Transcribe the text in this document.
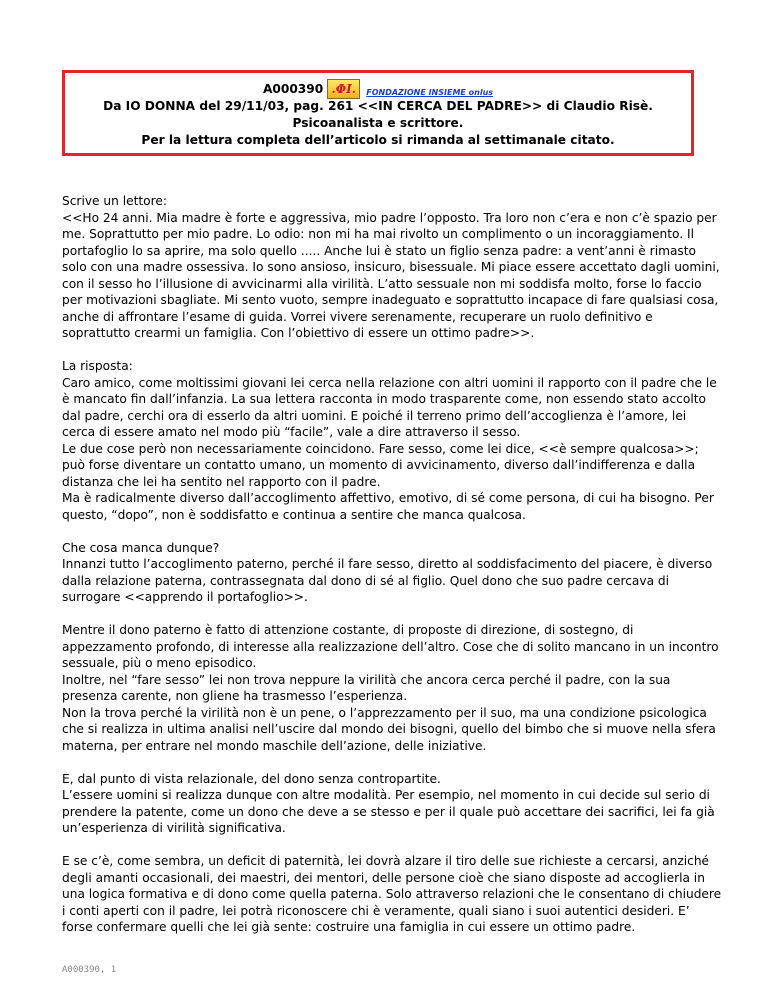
A000390 .ΦI.	FONDAZIONE INSIEME onlus
Da IO DONNA del 29/11/03, pag. 261 <<IN CERCA DEL PADRE>> di Claudio Risè.
Psicoanalista e scrittore.
Per la lettura completa dell’articolo si rimanda al settimanale citato.

Scrive un lettore:
<<Ho 24 anni. Mia madre è forte e aggressiva, mio padre l’opposto. Tra loro non c’era e non c’è spazio per me. Soprattutto per mio padre. Lo odio: non mi ha mai rivolto un complimento o un incoraggiamento. Il portafoglio lo sa aprire, ma solo quello ..... Anche lui è stato un figlio senza padre: a vent’anni è rimasto solo con una madre ossessiva. Io sono ansioso, insicuro, bisessuale. Mi piace essere accettato dagli uomini, con il sesso ho l’illusione di avvicinarmi alla virilità. L’atto sessuale non mi soddisfa molto, forse lo faccio per motivazioni sbagliate. Mi sento vuoto, sempre inadeguato e soprattutto incapace di fare qualsiasi cosa, anche di affrontare l’esame di guida. Vorrei vivere serenamente, recuperare un ruolo definitivo e soprattutto crearmi un famiglia. Con l’obiettivo di essere un ottimo padre>>.

La risposta:
Caro amico, come moltissimi giovani lei cerca nella relazione con altri uomini il rapporto con il padre che le è mancato fin dall’infanzia. La sua lettera racconta in modo trasparente come, non essendo stato accolto dal padre, cerchi ora di esserlo da altri uomini. E poiché il terreno primo dell’accoglienza è l’amore, lei cerca di essere amato nel modo più “facile”, vale a dire attraverso il sesso.
Le due cose però non necessariamente coincidono. Fare sesso, come lei dice, <<è sempre qualcosa>>; può forse diventare un contatto umano, un momento di avvicinamento, diverso dall’indifferenza e dalla distanza che lei ha sentito nel rapporto con il padre.
Ma è radicalmente diverso dall’accoglimento affettivo, emotivo, di sé come persona, di cui ha bisogno. Per questo, “dopo”, non è soddisfatto e continua a sentire che manca qualcosa.

Che cosa manca dunque?
Innanzi tutto l’accoglimento paterno, perché il fare sesso, diretto al soddisfacimento del piacere, è diverso dalla relazione paterna, contrassegnata dal dono di sé al figlio. Quel dono che suo padre cercava di surrogare <<apprendo il portafoglio>>.

Mentre il dono paterno è fatto di attenzione costante, di proposte di direzione, di sostegno, di appezzamento profondo, di interesse alla realizzazione dell’altro. Cose che di solito mancano in un incontro sessuale, più o meno episodico.
Inoltre, nel “fare sesso” lei non trova neppure la virilità che ancora cerca perché il padre, con la sua presenza carente, non gliene ha trasmesso l’esperienza.
Non la trova perché la virilità non è un pene, o l’apprezzamento per il suo, ma una condizione psicologica che si realizza in ultima analisi nell’uscire dal mondo dei bisogni, quello del bimbo che si muove nella sfera materna, per entrare nel mondo maschile dell’azione, delle iniziative.

E, dal punto di vista relazionale, del dono senza contropartite.
L’essere uomini si realizza dunque con altre modalità. Per esempio, nel momento in cui decide sul serio di prendere la patente, come un dono che deve a se stesso e per il quale può accettare dei sacrifici, lei fa già un’esperienza di virilità significativa.

E se c’è, come sembra, un deficit di paternità, lei dovrà alzare il tiro delle sue richieste a cercarsi, anziché degli amanti occasionali, dei maestri, dei mentori, delle persone cioè che siano disposte ad accoglierla in una logica formativa e di dono come quella paterna. Solo attraverso relazioni che le consentano di chiudere i conti aperti con il padre, lei potrà riconoscere chi è veramente, quali siano i suoi autentici desideri. E’ forse confermare quelli che lei già sente: costruire una famiglia in cui essere un ottimo padre.

A000390, 1
